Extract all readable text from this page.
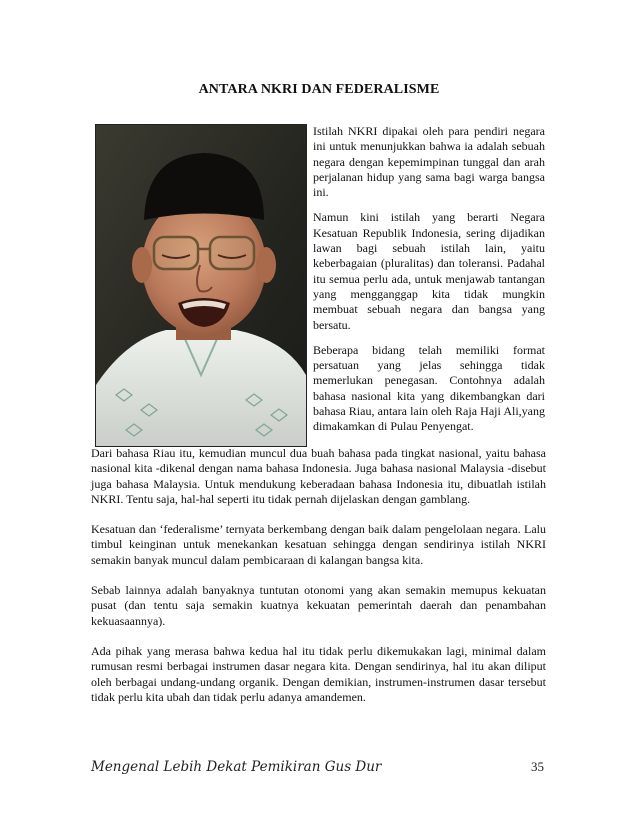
ANTARA NKRI DAN FEDERALISME

Istilah NKRI dipakai oleh para pendiri negara ini untuk menunjukkan bahwa ia adalah sebuah negara dengan kepemimpinan tunggal dan arah perjalanan hidup yang sama bagi warga bangsa ini.

Namun kini istilah yang berarti Negara Kesatuan Republik Indonesia, sering dijadikan lawan bagi sebuah istilah lain, yaitu keberbagaian (pluralitas) dan toleransi. Padahal itu semua perlu ada, untuk menjawab tantangan yang mengganggap kita tidak mungkin membuat sebuah negara dan bangsa yang bersatu.

Beberapa bidang telah memiliki format persatuan yang jelas sehingga tidak memerlukan penegasan. Contohnya adalah bahasa nasional kita yang dikembangkan dari bahasa Riau, antara lain oleh Raja Haji Ali,yang dimakamkan di Pulau Penyengat.

Dari bahasa Riau itu, kemudian muncul dua buah bahasa pada tingkat nasional, yaitu bahasa nasional kita -dikenal dengan nama bahasa Indonesia. Juga bahasa nasional Malaysia -disebut juga bahasa Malaysia. Untuk mendukung keberadaan bahasa Indonesia itu, dibuatlah istilah NKRI. Tentu saja, hal-hal seperti itu tidak pernah dijelaskan dengan gamblang.

Kesatuan dan ‘federalisme’ ternyata berkembang dengan baik dalam pengelolaan negara. Lalu timbul keinginan untuk menekankan kesatuan sehingga dengan sendirinya istilah NKRI semakin banyak muncul dalam pembicaraan di kalangan bangsa kita.

Sebab lainnya adalah banyaknya tuntutan otonomi yang akan semakin memupus kekuatan pusat (dan tentu saja semakin kuatnya kekuatan pemerintah daerah dan penambahan kekuasaannya).

Ada pihak yang merasa bahwa kedua hal itu tidak perlu dikemukakan lagi, minimal dalam rumusan resmi berbagai instrumen dasar negara kita. Dengan sendirinya, hal itu akan diliput oleh berbagai undang-undang organik. Dengan demikian, instrumen-instrumen dasar tersebut tidak perlu kita ubah dan tidak perlu adanya amandemen.

Mengenal Lebih Dekat Pemikiran Gus Dur	35
